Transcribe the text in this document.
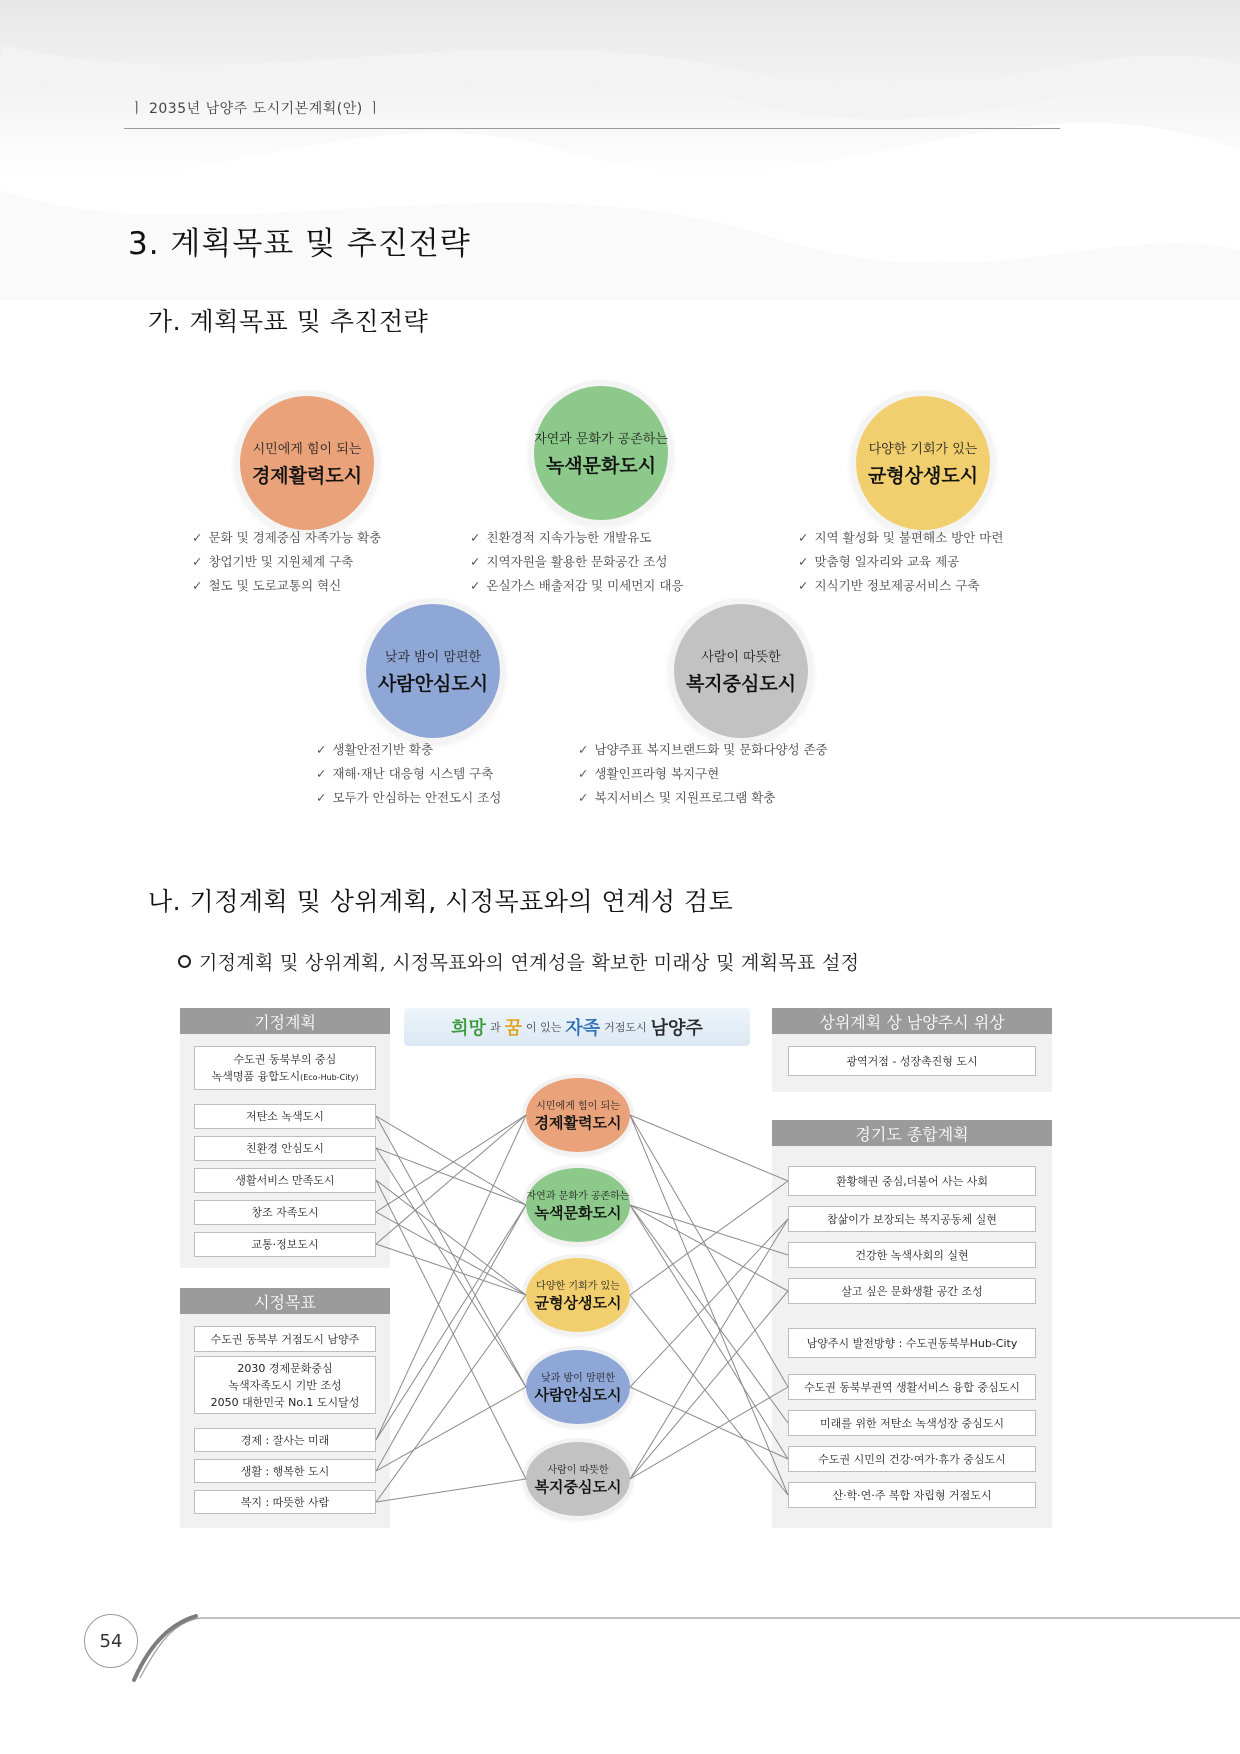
ㅣ 2035년 남양주 도시기본계획(안) ㅣ
3. 계획목표 및 추진전략
가. 계획목표 및 추진전략
시민에게 힘이 되는
경제활력도시
자연과 문화가 공존하는
녹색문화도시
다양한 기회가 있는
균형상생도시
낮과 밤이 맘편한
사람안심도시
사람이 따뜻한
복지중심도시
✓ 문화 및 경제중심 자족가능 확충
✓ 창업기반 및 지원체계 구축
✓ 철도 및 도로교통의 혁신
✓ 친환경적 지속가능한 개발유도
✓ 지역자원을 활용한 문화공간 조성
✓ 온실가스 배출저감 및 미세먼지 대응
✓ 지역 활성화 및 불편해소 방안 마련
✓ 맞춤형 일자리와 교육 제공
✓ 지식기반 정보제공서비스 구축
✓ 생활안전기반 확충
✓ 재해·재난 대응형 시스템 구축
✓ 모두가 안심하는 안전도시 조성
✓ 남양주표 복지브랜드화 및 문화다양성 존중
✓ 생활인프라형 복지구현
✓ 복지서비스 및 지원프로그램 확충
나. 기정계획 및 상위계획, 시정목표와의 연계성 검토
기정계획 및 상위계획, 시정목표와의 연계성을 확보한 미래상 및 계획목표 설정
기정계획
수도권 동북부의 중심
녹색명품 융합도시(Eco-Hub-City)
저탄소 녹색도시
친환경 안심도시
생활서비스 만족도시
창조 자족도시
교통·정보도시
시정목표
수도권 동북부 거점도시 남양주
2030 경제문화중심
녹색자족도시 기반 조성
2050 대한민국 No.1 도시달성
경제 : 잘사는 미래
생활 : 행복한 도시
복지 : 따뜻한 사람
희망 과 꿈 이 있는 자족 거점도시 남양주
시민에게 힘이 되는
경제활력도시
자연과 문화가 공존하는
녹색문화도시
다양한 기회가 있는
균형상생도시
낮과 밤이 맘편한
사람안심도시
사람이 따뜻한
복지중심도시
상위계획 상 남양주시 위상
광역거점 - 성장촉진형 도시
경기도 종합계획
환황해권 중심,더불어 사는 사회
참삶이가 보장되는 복지공동체 실현
건강한 녹색사회의 실현
살고 싶은 문화생활 공간 조성
남양주시 발전방향 : 수도권동북부Hub-City
수도권 동북부권역 생활서비스 융합 중심도시
미래를 위한 저탄소 녹색성장 중심도시
수도권 시민의 건강·여가·휴가 중심도시
산·학·연·주 복합 자립형 거점도시
54
